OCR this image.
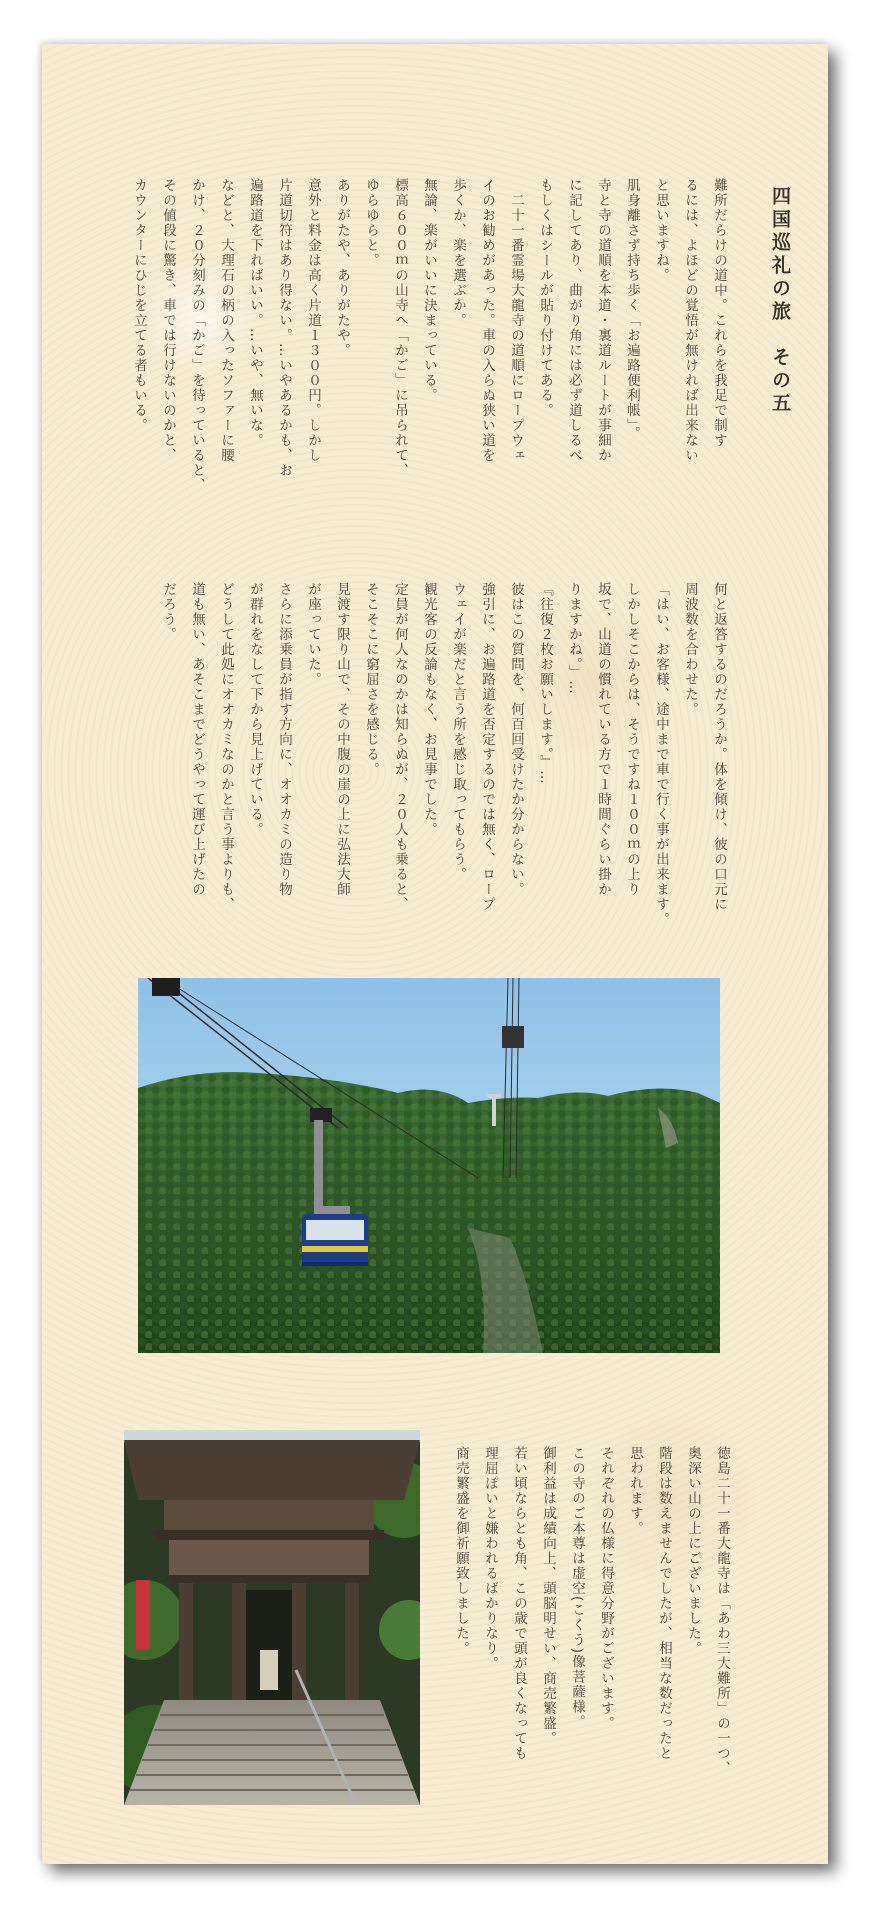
四国巡礼の旅　その五

難所だらけの道中。これらを我足で制す

るには、よほどの覚悟が無ければ出来ない

と思いますね。

肌身離さず持ち歩く「お遍路便利帳」。

寺と寺の道順を本道・裏道ルートが事細か

に記してあり、曲がり角には必ず道しるべ

もしくはシールが貼り付けてある。

　二十一番霊場大龍寺の道順にロープウェ

イのお勧めがあった。車の入らぬ狭い道を

歩くか、楽を選ぶか。

無論、楽がいいに決まっている。

標高６００ｍの山寺へ「かご」に吊られて、

ゆらゆらと。

ありがたや、ありがたや。

意外と料金は高く片道１３００円。しかし

片道切符はあり得ない。…いやあるかも、お

遍路道を下ればいい。…いや、無いな。

などと、大理石の柄の入ったソファーに腰

かけ、２０分刻みの「かご」を待っていると、

その値段に驚き、車では行けないのかと、

カウンターにひじを立てる者もいる。

何と返答するのだろうか。体を傾け、彼の口元に

周波数を合わせた。

「はい、お客様、途中まで車で行く事が出来ます。

しかしそこからは、そうですね１００ｍの上り

坂で、山道の慣れている方で１時間ぐらい掛か

りますかね。」…

『往復２枚お願いします。』…

彼はこの質問を、何百回受けたか分からない。

強引に、お遍路道を否定するのでは無く、ロープ

ウェイが楽だと言う所を感じ取ってもらう。

観光客の反論もなく、お見事でした。

定員が何人なのかは知らぬが、２０人も乗ると、

そこそこに窮屈さを感じる。

見渡す限り山で、その中腹の崖の上に弘法大師

が座っていた。

さらに添乗員が指す方向に、オオカミの造り物

が群れをなして下から見上げている。

どうして此処にオオカミなのかと言う事よりも、

道も無い、あそこまでどうやって運び上げたの

だろう。

徳島二十一番大龍寺は「あわ三大難所」の一つ、

奥深い山の上にございました。

階段は数えませんでしたが、相当な数だったと

思われます。

それぞれの仏様に得意分野がございます。

この寺のご本尊は虚空(こくう)像菩薩様。

御利益は成績向上、頭脳明せい、商売繁盛。

若い頃ならとも角、この歳で頭が良くなっても

理屈ぽいと嫌われるばかりなり。

商売繁盛を御祈願致しました。
